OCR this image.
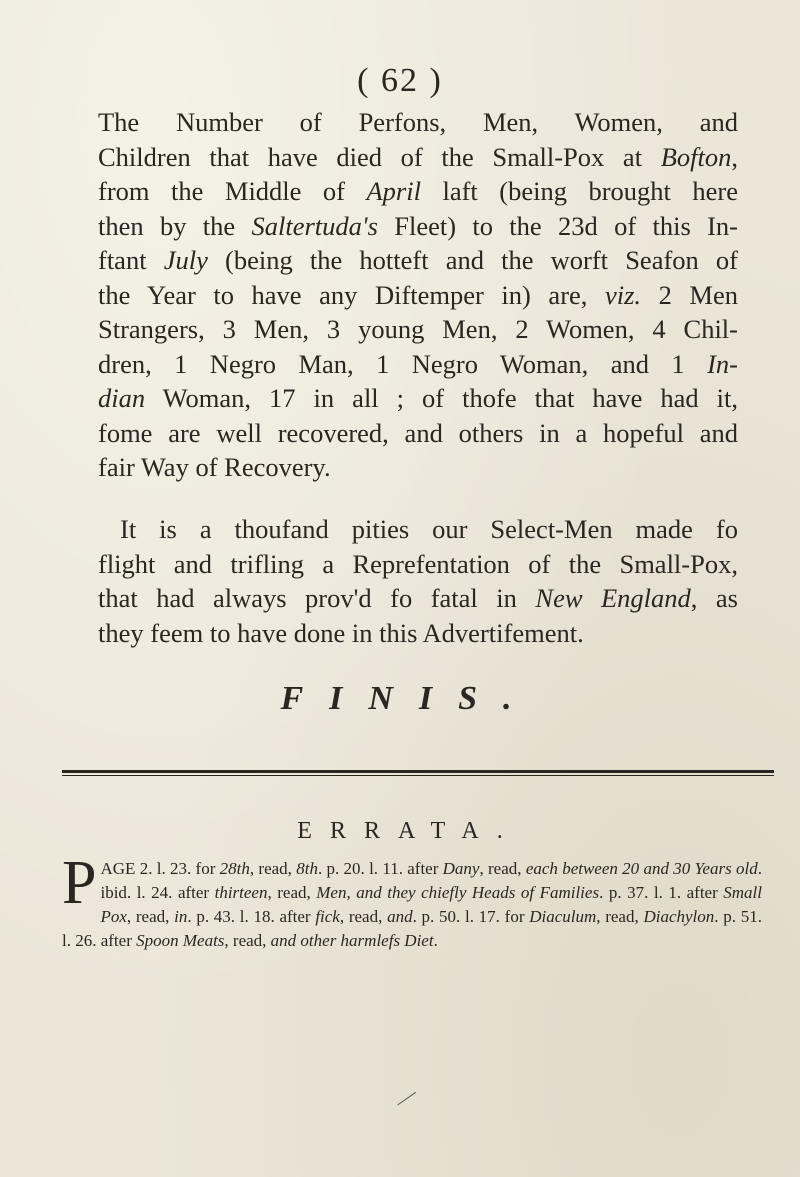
( 62 )
The Number of Perfons, Men, Women, and
Children that have died of the Small-Pox at Bofton,
from the Middle of April laft (being brought here
then by the Saltertuda's Fleet) to the 23d of this In-
ftant July (being the hotteft and the worft Seafon of
the Year to have any Diftemper in) are, viz. 2 Men
Strangers, 3 Men, 3 young Men, 2 Women, 4 Chil-
dren, 1 Negro Man, 1 Negro Woman, and 1 In-
dian Woman, 17 in all ; of thofe that have had it,
fome are well recovered, and others in a hopeful and
fair Way of Recovery.
It is a thoufand pities our Select-Men made fo
flight and trifling a Reprefentation of the Small-Pox,
that had always prov'd fo fatal in New England, as
they feem to have done in this Advertifement.
FINIS.
ERRATA.
PAGE 2. l. 23. for 28th, read, 8th. p. 20. l. 11. after Dany, read, each between 20 and 30 Years old. ibid. l. 24. after thirteen, read, Men, and they chiefly Heads of Families. p. 37. l. 1. after Small Pox, read, in. p. 43. l. 18. after fick, read, and. p. 50. l. 17. for Diaculum, read, Diachylon. p. 51. l. 26. after Spoon Meats, read, and other harmlefs Diet.
